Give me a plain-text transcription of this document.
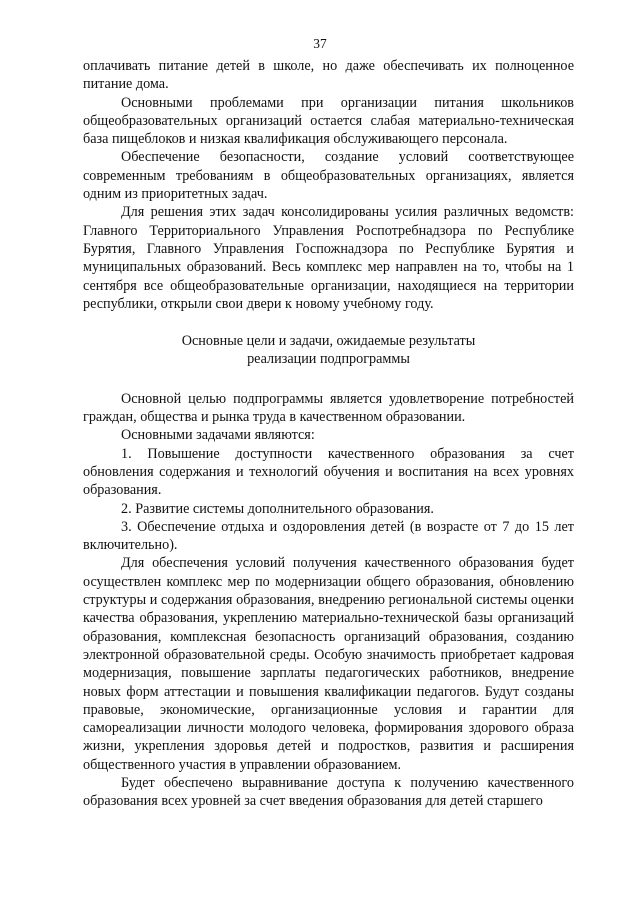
37

оплачивать питание детей в школе, но даже обеспечивать их полноценное питание дома.

Основными проблемами при организации питания школьников общеобразовательных организаций остается слабая материально-техническая база пищеблоков и низкая квалификация обслуживающего персонала.

Обеспечение безопасности, создание условий соответствующее современным требованиям в общеобразовательных организациях, является одним из приоритетных задач.

Для решения этих задач консолидированы усилия различных ведомств: Главного Территориального Управления Роспотребнадзора по Республике Бурятия, Главного Управления Госпожнадзора по Республике Бурятия и муниципальных образований. Весь комплекс мер направлен на то, чтобы на 1 сентября все общеобразовательные организации, находящиеся на территории республики, открыли свои двери к новому учебному году.

Основные цели и задачи, ожидаемые результаты
реализации подпрограммы

Основной целью подпрограммы является удовлетворение потребностей граждан, общества и рынка труда в качественном образовании.

Основными задачами являются:

1. Повышение доступности качественного образования за счет обновления содержания и технологий обучения и воспитания на всех уровнях образования.

2. Развитие системы дополнительного образования.

3. Обеспечение отдыха и оздоровления детей (в возрасте от 7 до 15 лет включительно).

Для обеспечения условий получения качественного образования будет осуществлен комплекс мер по модернизации общего образования, обновлению структуры и содержания образования, внедрению региональной системы оценки качества образования, укреплению материально-технической базы организаций образования, комплексная безопасность организаций образования, созданию электронной образовательной среды. Особую значимость приобретает кадровая модернизация, повышение зарплаты педагогических работников, внедрение новых форм аттестации и повышения квалификации педагогов. Будут созданы правовые, экономические, организационные условия и гарантии для самореализации личности молодого человека, формирования здорового образа жизни, укрепления здоровья детей и подростков, развития и расширения общественного участия в управлении образованием.

Будет обеспечено выравнивание доступа к получению качественного образования всех уровней за счет введения образования для детей старшего
